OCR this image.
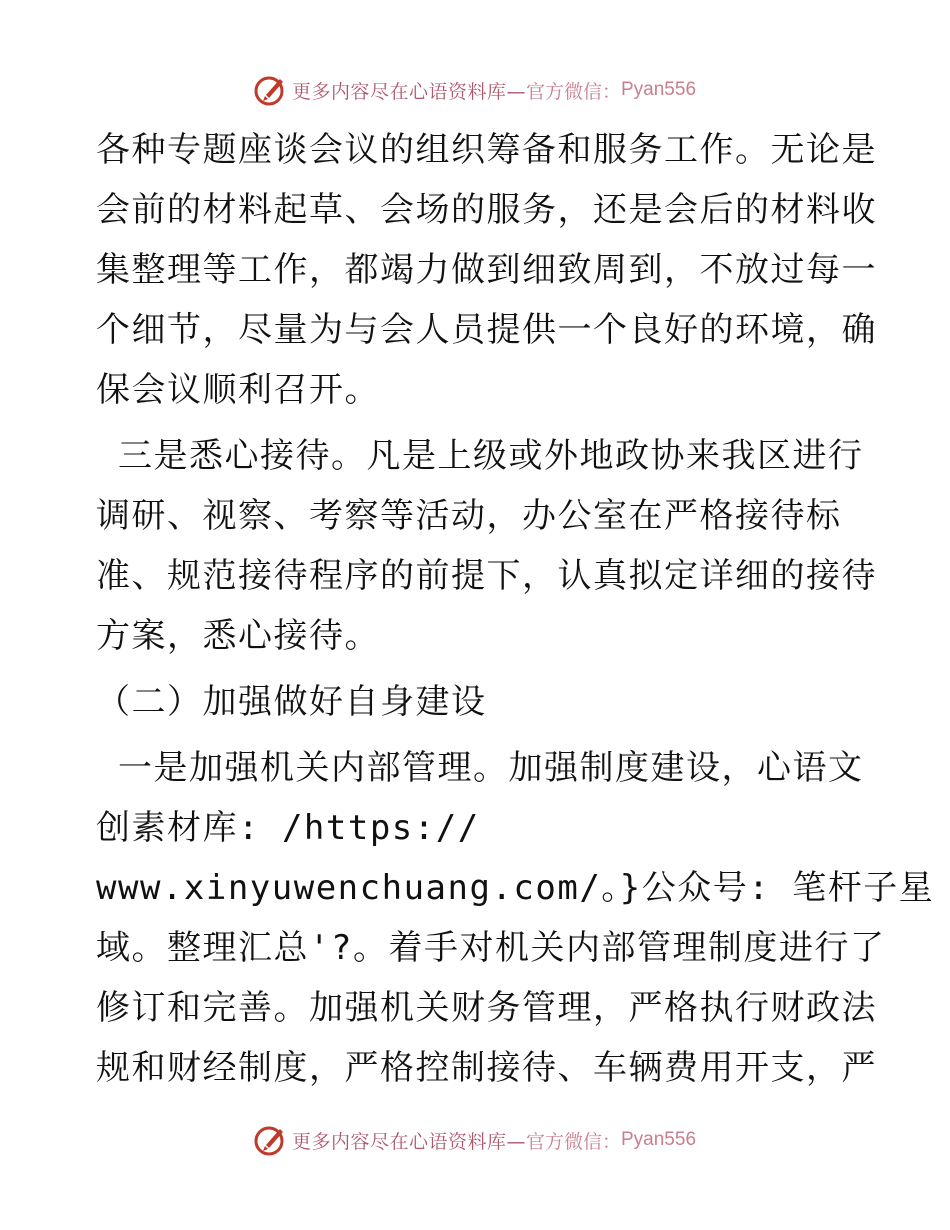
更多内容尽在心语资料库— 官方微信： Pyan556

各种专题座谈会议的组织筹备和服务工作。无论是

会前的材料起草、会场的服务，还是会后的材料收

集整理等工作，都竭力做到细致周到，不放过每一

个细节，尽量为与会人员提供一个良好的环境，确

保会议顺利召开。

三是悉心接待。凡是上级或外地政协来我区进行

调研、视察、考察等活动，办公室在严格接待标

准、规范接待程序的前提下，认真拟定详细的接待

方案，悉心接待。

（二）加强做好自身建设

一是加强机关内部管理。加强制度建设，心语文

创素材库: /https://

www.xinyuwenchuang.com/。}公众号: 笔杆子星

域。整理汇总'?。着手对机关内部管理制度进行了

修订和完善。加强机关财务管理，严格执行财政法

规和财经制度，严格控制接待、车辆费用开支，严

更多内容尽在心语资料库— 官方微信： Pyan556
